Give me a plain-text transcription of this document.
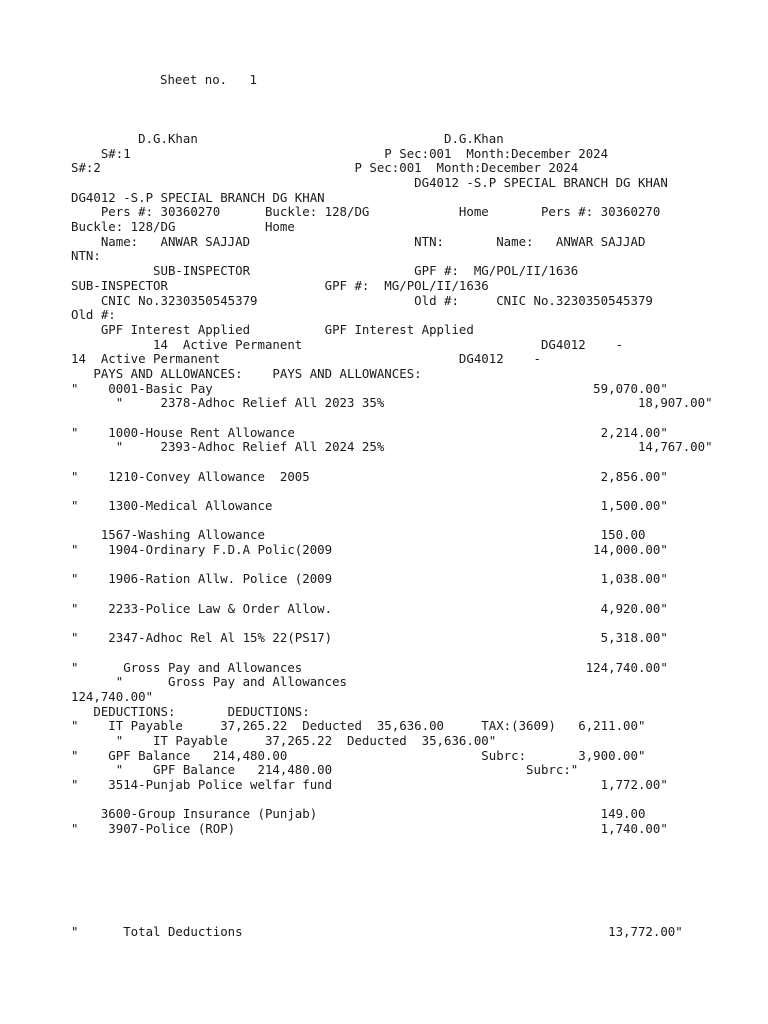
Sheet no.   1
D.G.Khan                                 D.G.Khan
S#:1                                  P Sec:001  Month:December 2024
S#:2                                  P Sec:001  Month:December 2024
DG4012 -S.P SPECIAL BRANCH DG KHAN
DG4012 -S.P SPECIAL BRANCH DG KHAN
Pers #: 30360270      Buckle: 128/DG            Home       Pers #: 30360270
Buckle: 128/DG            Home
Name:   ANWAR SAJJAD                      NTN:       Name:   ANWAR SAJJAD
NTN:
SUB-INSPECTOR                      GPF #:  MG/POL/II/1636
SUB-INSPECTOR                     GPF #:  MG/POL/II/1636
CNIC No.3230350545379                     Old #:     CNIC No.3230350545379
Old #:
GPF Interest Applied          GPF Interest Applied
14  Active Permanent                                DG4012    -
14  Active Permanent                                DG4012    -
PAYS AND ALLOWANCES:    PAYS AND ALLOWANCES:
"    0001-Basic Pay                                                   59,070.00"
"     2378-Adhoc Relief All 2023 35%                                  18,907.00"
"    1000-House Rent Allowance                                         2,214.00"
"     2393-Adhoc Relief All 2024 25%                                  14,767.00"
"    1210-Convey Allowance  2005                                       2,856.00"
"    1300-Medical Allowance                                            1,500.00"
1567-Washing Allowance                                             150.00
"    1904-Ordinary F.D.A Polic(2009                                   14,000.00"
"    1906-Ration Allw. Police (2009                                    1,038.00"
"    2233-Police Law & Order Allow.                                    4,920.00"
"    2347-Adhoc Rel Al 15% 22(PS17)                                    5,318.00"
"      Gross Pay and Allowances                                      124,740.00"
"      Gross Pay and Allowances
124,740.00"
DEDUCTIONS:       DEDUCTIONS:
"    IT Payable     37,265.22  Deducted  35,636.00     TAX:(3609)   6,211.00"
"    IT Payable     37,265.22  Deducted  35,636.00"
"    GPF Balance   214,480.00                          Subrc:       3,900.00"
"    GPF Balance   214,480.00                          Subrc:"
"    3514-Punjab Police welfar fund                                    1,772.00"
3600-Group Insurance (Punjab)                                      149.00
"    3907-Police (ROP)                                                 1,740.00"
"      Total Deductions                                                 13,772.00"
